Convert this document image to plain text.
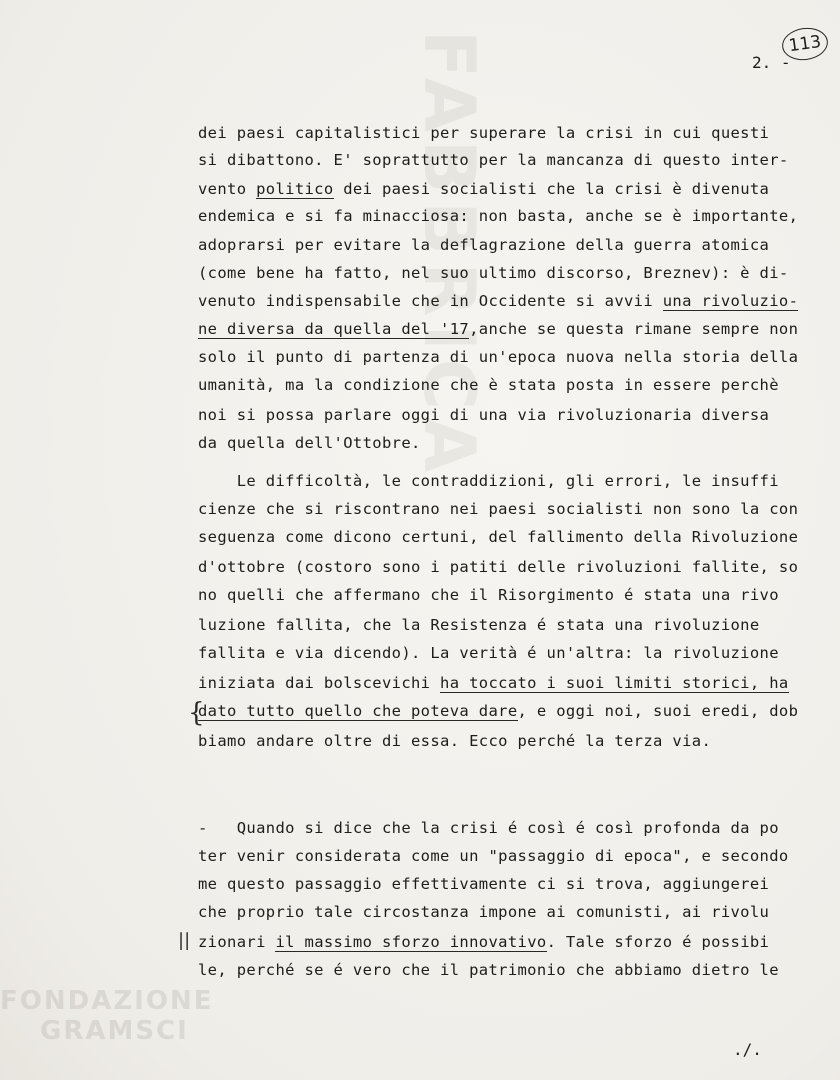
FABBRICA
FONDAZIONE
GRAMSCI
113
2. -
dei paesi capitalistici per superare la crisi in cui questi
si dibattono. E' soprattutto per la mancanza di questo inter-
vento politico dei paesi socialisti che la crisi è divenuta
endemica e si fa minacciosa: non basta, anche se è importante,
adoprarsi per evitare la deflagrazione della guerra atomica
(come bene ha fatto, nel suo ultimo discorso, Breznev): è di-
venuto indispensabile che in Occidente si avvii una rivoluzio-
ne diversa da quella del '17,anche se questa rimane sempre non
solo il punto di partenza di un'epoca nuova nella storia della
umanità, ma la condizione che è stata posta in essere perchè
noi si possa parlare oggi di una via rivoluzionaria diversa
da quella dell'Ottobre.
Le difficoltà, le contraddizioni, gli errori, le insuffi
cienze che si riscontrano nei paesi socialisti non sono la con
seguenza come dicono certuni, del fallimento della Rivoluzione
d'ottobre (costoro sono i patiti delle rivoluzioni fallite, so
no quelli che affermano che il Risorgimento é stata una rivo
luzione fallita, che la Resistenza é stata una rivoluzione
fallita e via dicendo). La verità é un'altra: la rivoluzione
iniziata dai bolscevichi ha toccato i suoi limiti storici, ha
dato tutto quello che poteva dare, e oggi noi, suoi eredi, dob
biamo andare oltre di essa. Ecco perché la terza via.
-   Quando si dice che la crisi é così é così profonda da po
ter venir considerata come un "passaggio di epoca", e secondo
me questo passaggio effettivamente ci si trova, aggiungerei
che proprio tale circostanza impone ai comunisti, ai rivolu
zionari il massimo sforzo innovativo. Tale sforzo é possibi
le, perché se é vero che il patrimonio che abbiamo dietro le
{
||
./.
